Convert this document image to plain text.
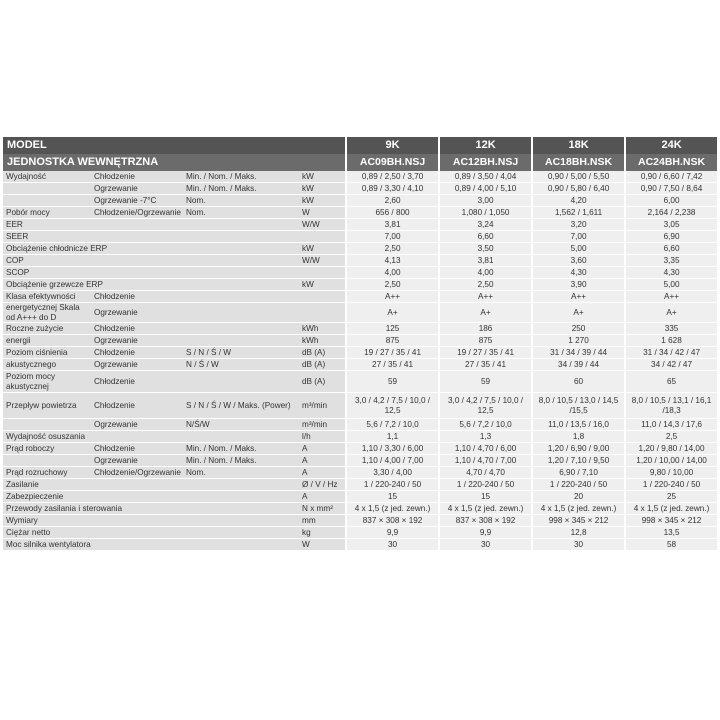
MODEL				9K	12K	18K	24K
JEDNOSTKA WEWNĘTRZNA				AC09BH.NSJ	AC12BH.NSJ	AC18BH.NSK	AC24BH.NSK
Wydajność	Chłodzenie	Min. / Nom. / Maks.	kW	0,89 / 2,50 / 3,70	0,89 / 3,50 / 4,04	0,90 / 5,00 / 5,50	0,90 / 6,60 / 7,42
	Ogrzewanie	Min. / Nom. / Maks.	kW	0,89 / 3,30 / 4,10	0,89 / 4,00 / 5,10	0,90 / 5,80 / 6,40	0,90 / 7,50 / 8,64
	Ogrzewanie -7°C	Nom.	kW	2,60	3,00	4,20	6,00
Pobór mocy	Chłodzenie/Ogrzewanie	Nom.	W	656 / 800	1,080 / 1,050	1,562 / 1,611	2,164 / 2,238
EER			W/W	3,81	3,24	3,20	3,05
SEER				7,00	6,60	7,00	6,90
Obciążenie chłodnicze ERP			kW	2,50	3,50	5,00	6,60
COP			W/W	4,13	3,81	3,60	3,35
SCOP				4,00	4,00	4,30	4,30
Obciążenie grzewcze ERP			kW	2,50	2,50	3,90	5,00
Klasa efektywności	Chłodzenie			A++	A++	A++	A++
energetycznej Skala od A+++ do D	Ogrzewanie			A+	A+	A+	A+
Roczne zużycie	Chłodzenie		kWh	125	186	250	335
energii	Ogrzewanie		kWh	875	875	1 270	1 628
Poziom ciśnienia	Chłodzenie	S / N / Ś / W	dB (A)	19 / 27 / 35 / 41	19 / 27 / 35 / 41	31 / 34 / 39 / 44	31 / 34 / 42 / 47
akustycznego	Ogrzewanie	N / Ś / W	dB (A)	27 / 35 / 41	27 / 35 / 41	34 / 39 / 44	34 / 42 / 47
Poziom mocy akustycznej	Chłodzenie		dB (A)	59	59	60	65
Przepływ powietrza	Chłodzenie	S / N / Ś / W / Maks. (Power)	m³/min	3,0 / 4,2 / 7,5 / 10,0 / 12,5	3,0 / 4,2 / 7,5 / 10,0 / 12,5	8,0 / 10,5 / 13,0 / 14,5 /15,5	8,0 / 10,5 / 13,1 / 16,1 /18,3
	Ogrzewanie	N/Ś/W	m³/min	5,6 / 7,2 / 10,0	5,6 / 7,2 / 10,0	11,0 / 13,5 / 16,0	11,0 / 14,3 / 17,6
Wydajność osuszania			l/h	1,1	1,3	1,8	2,5
Prąd roboczy	Chłodzenie	Min. / Nom. / Maks.	A	1,10 / 3,30 / 6,00	1,10 / 4,70 / 6,00	1,20 / 6,90 / 9,00	1,20 / 9,80 / 14,00
	Ogrzewanie	Min. / Nom. / Maks.	A	1,10 / 4,00 / 7,00	1,10 / 4,70 / 7,00	1,20 / 7,10 / 9,50	1,20 / 10,00 / 14,00
Prąd rozruchowy	Chłodzenie/Ogrzewanie	Nom.	A	3,30 / 4,00	4,70 / 4,70	6,90 / 7,10	9,80 / 10,00
Zasilanie			Ø / V / Hz	1 / 220-240 / 50	1 / 220-240 / 50	1 / 220-240 / 50	1 / 220-240 / 50
Zabezpieczenie			A	15	15	20	25
Przewody zasilania i sterowania			N x mm²	4 x 1,5 (z jed. zewn.)	4 x 1,5 (z jed. zewn.)	4 x 1,5 (z jed. zewn.)	4 x 1,5 (z jed. zewn.)
Wymiary			mm	837 × 308 × 192	837 × 308 × 192	998 × 345 × 212	998 × 345 × 212
Ciężar netto			kg	9,9	9,9	12,8	13,5
Moc silnika wentylatora			W	30	30	30	58
